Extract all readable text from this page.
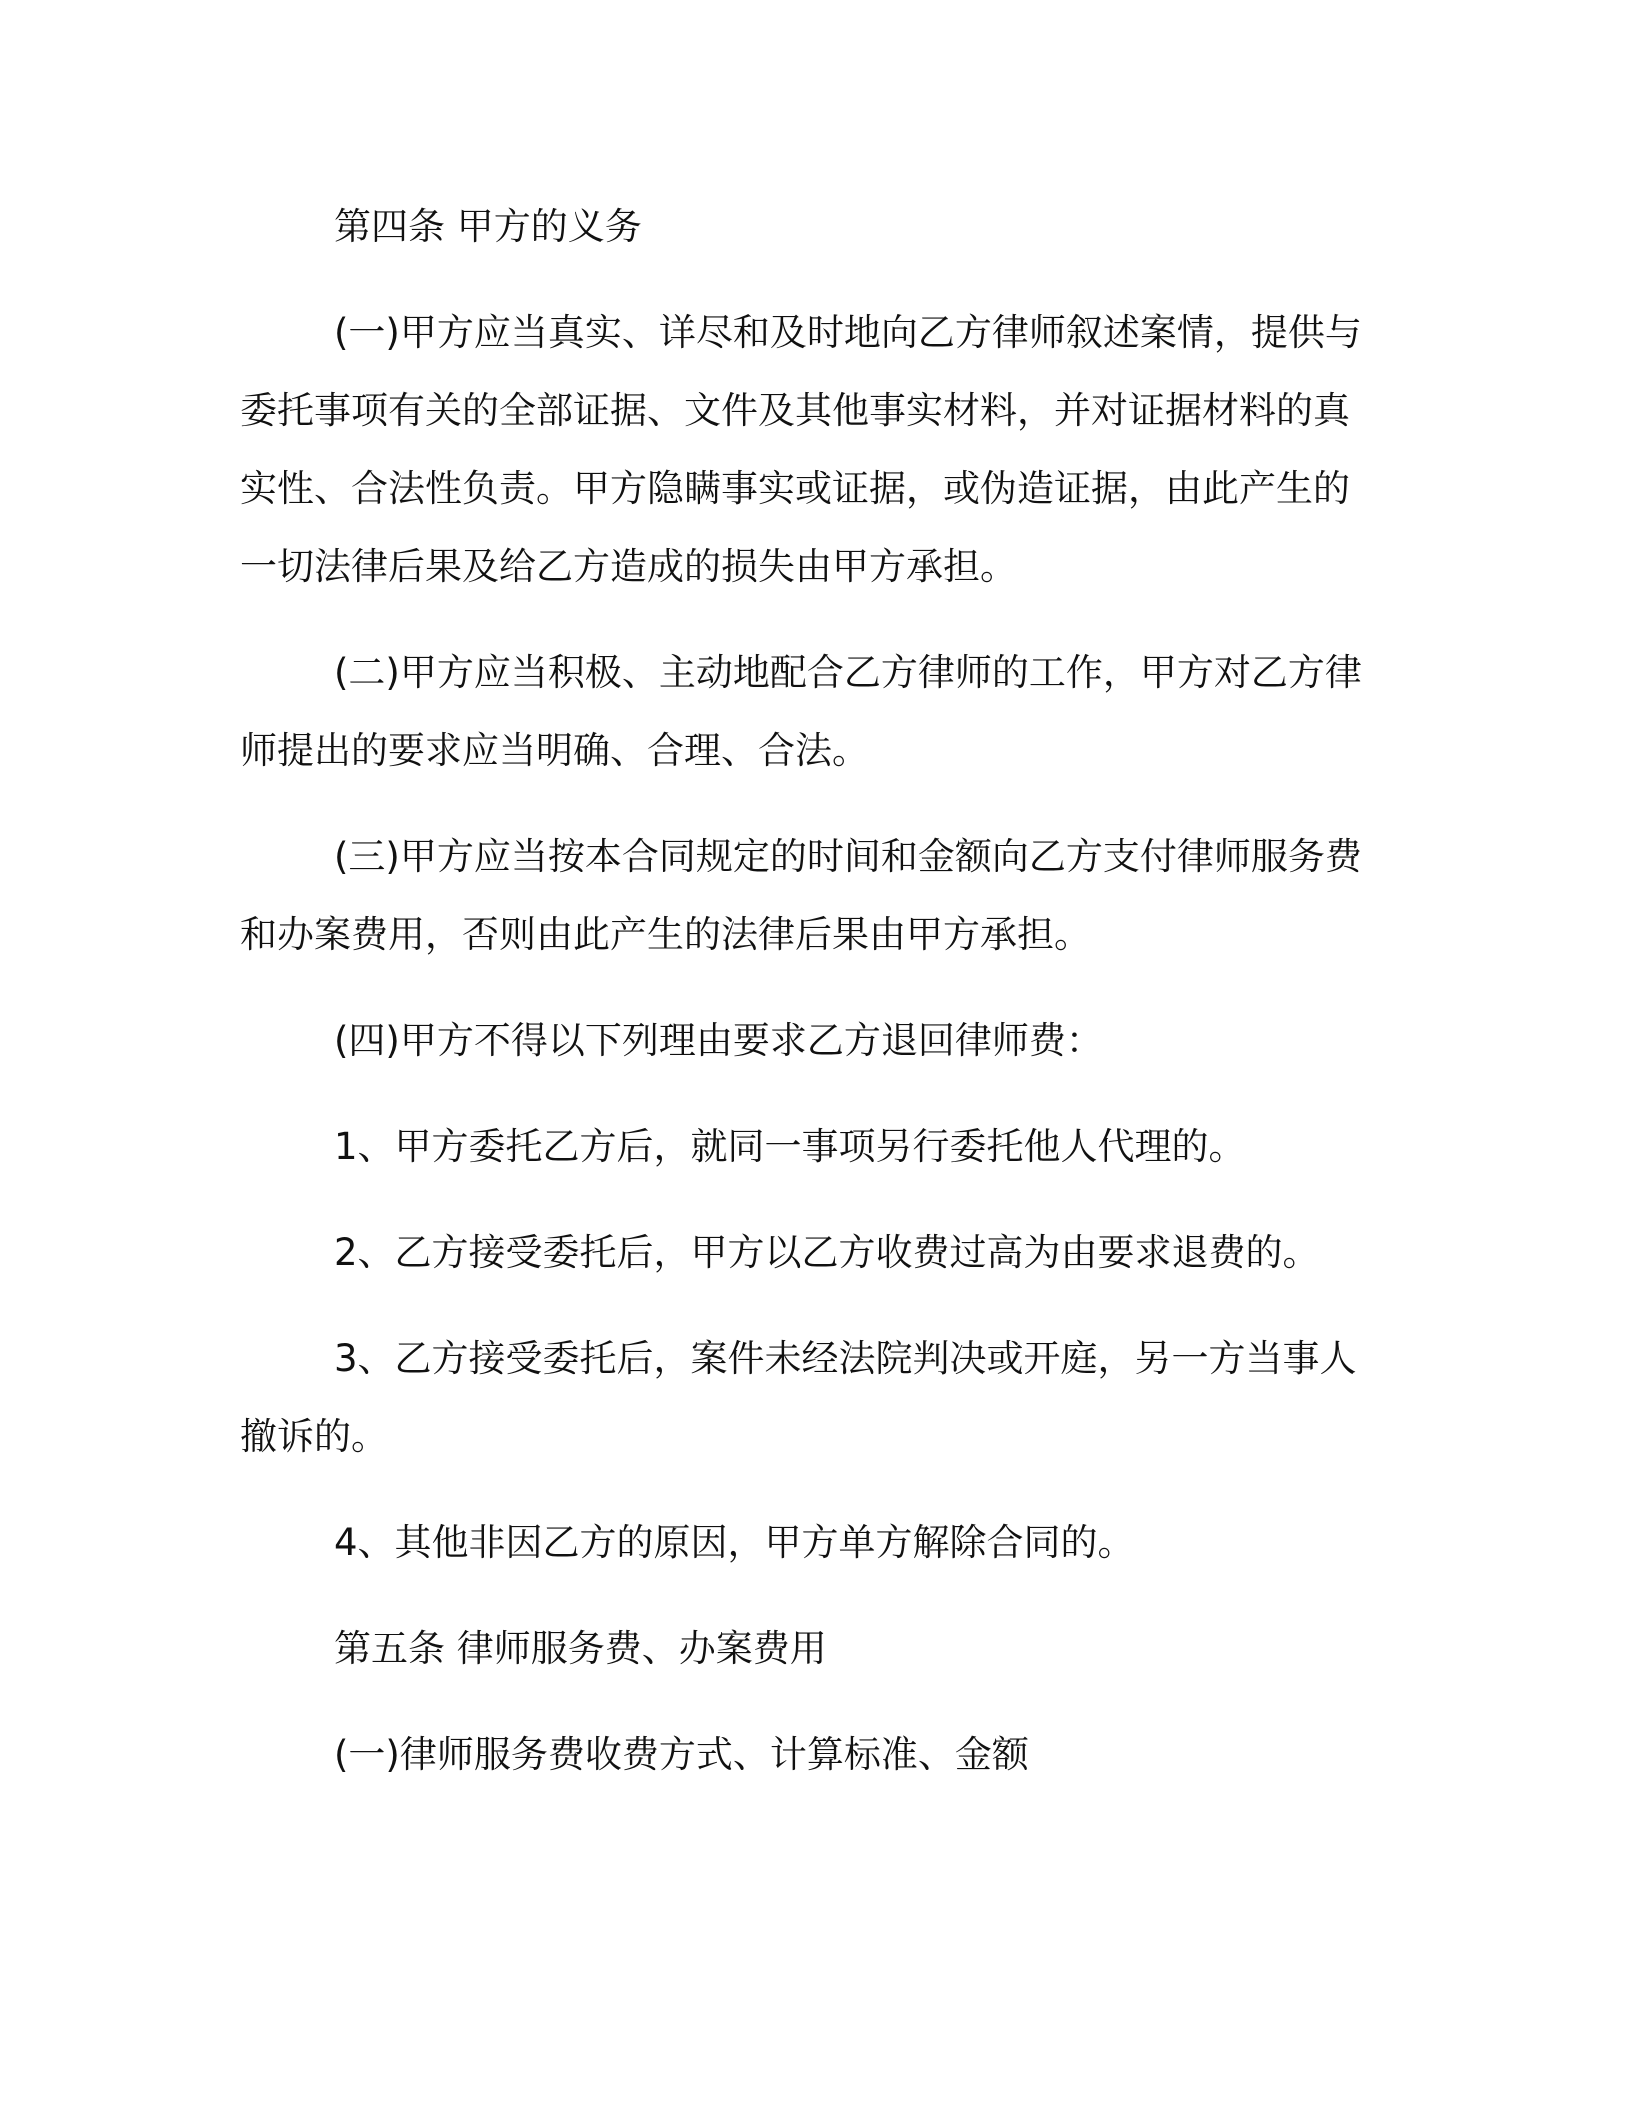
第四条 甲方的义务

(一)甲方应当真实、详尽和及时地向乙方律师叙述案情，提供与委托事项有关的全部证据、文件及其他事实材料，并对证据材料的真实性、合法性负责。甲方隐瞒事实或证据，或伪造证据，由此产生的一切法律后果及给乙方造成的损失由甲方承担。

(二)甲方应当积极、主动地配合乙方律师的工作，甲方对乙方律师提出的要求应当明确、合理、合法。

(三)甲方应当按本合同规定的时间和金额向乙方支付律师服务费和办案费用，否则由此产生的法律后果由甲方承担。

(四)甲方不得以下列理由要求乙方退回律师费：

1、甲方委托乙方后，就同一事项另行委托他人代理的。

2、乙方接受委托后，甲方以乙方收费过高为由要求退费的。

3、乙方接受委托后，案件未经法院判决或开庭，另一方当事人撤诉的。

4、其他非因乙方的原因，甲方单方解除合同的。

第五条 律师服务费、办案费用

(一)律师服务费收费方式、计算标准、金额
